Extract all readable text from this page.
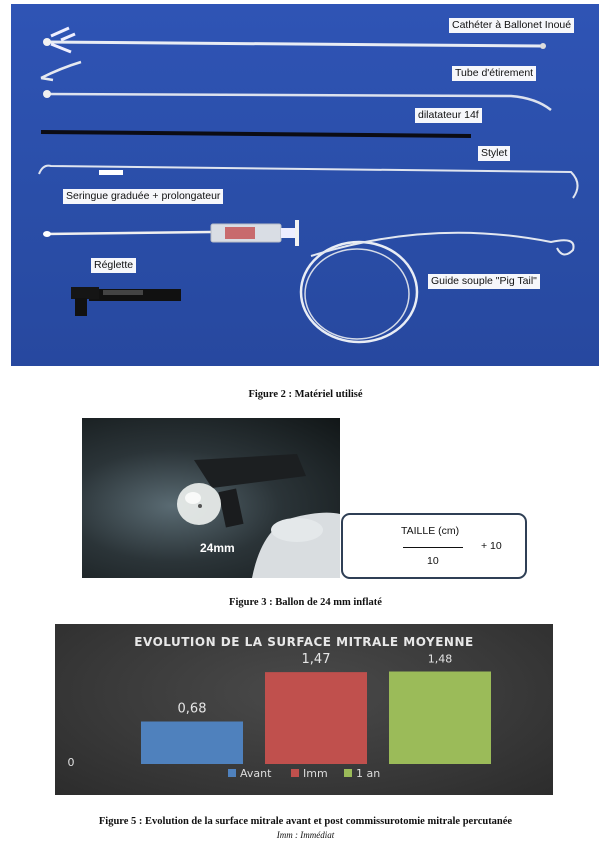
Cathéter à Ballonet Inoué
Tube d'étirement
dilatateur 14f
Stylet
Seringue graduée + prolongateur
Réglette
Guide souple "Pig Tail"
Figure 2 : Matériel utilisé
24mm
TAILLE (cm)
10
+ 10
Figure 3 : Ballon de 24 mm inflaté
EVOLUTION DE LA SURFACE MITRALE MOYENNE
0
0,68
1,47	1,48
Avant	Imm	1 an
Figure 5 : Evolution de la surface mitrale avant et post commissurotomie mitrale percutanée
Imm : Immédiat
